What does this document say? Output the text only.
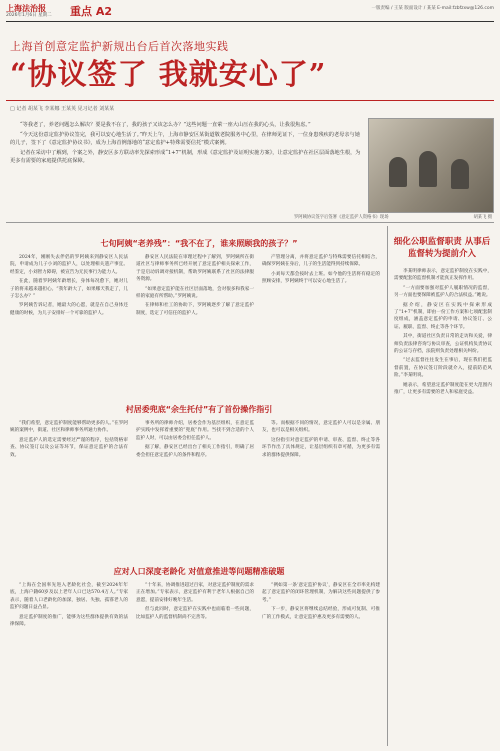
上海法治报
2026年1月6日 星期二 重点 A2	一版责编 / 王某 版面设计 / 某某 E-mail:fzbfzxw@126.com
上海首创意定监护新规出台后首次落地实践
“协议签了 我就安心了”
□ 记者 胡某飞 李某娜 王某英 见习记者 刘某某

“等我老了，养老问题怎么解决？要是我不在了，我的孩子又该怎么办？”这些问题一直萦一座大山压在我的心头，让我很焦虑。”

“今天这份意定监护协议签完，我可以安心地生活了。”昨天上午，上海市静安区某街道敬老院服务中心里，在律师见证下，一位身患残疾的老母亲与她的儿子，签下了《意定监护协议书》，成为上海首例落地的“意定监护+特殊需要信托”模式案例。

记者在采访中了解到，个案之外，静安区多方联动率先探索形成“1+7”机制，形成《意定监护及证明实施方案》，让意定监护在社区层面落地生根，为更多有需要的家庭提供托底保障。

罗阿姨协议签字后签署《意定监护人资格书》现场	胡某飞 摄
七旬阿姨“老养残”：“我不在了，谁来照顾我的孩子？”

2024年，刚刚失去伴侣的罗阿姨来到静安区人民法院，申请成为儿子小刘的监护人，以处理相关遗产事宜。经鉴定，小刘智力障碍，被宣告为无民事行为能力人。

在此，随着罗阿姨年龄增长，身体每况愈下，她对儿子的将来越来越担心。“我年龄大了，如果哪天我走了，儿子怎么办？”

罗阿姨告诉记者，她最大的心愿，就是在自己身体还健康的时候，为儿子安排好一个可靠的监护人。

静安区人民法院在审理过程中了解到，罗阿姨所在街道社区与律师事务所已经开展了意定监护相关探索工作，于是启动诉调对接机制，帮助罗阿姨联系了社区的法律服务资源。

“如果意定监护能在社区层面落地，会对很多和我家一样的家庭有所帮助。”罗阿姨说。

在律师和社工的协助下，罗阿姨逐步了解了意定监护制度，选定了可信任的监护人。

产管理分离，并将意定监护与特殊需要信托相结合，确保罗阿姨在身后，儿子的生活能得到持续保障。

小刘每天都会按时去上班。如今他的生活将有稳定的照顾安排，罗阿姨终于可以安心地生活了。

村居委兜底“余生托付”有了首份操作指引

“我们希望，意定监护制度能够帮助更多的人。”在罗阿姨的案例中，街道、社区和律师事务所通力协作。

意定监护人的选定需要经过严谨的程序，包括资格审查、协议签订以及公证等环节，保证意定监护的合法有效。

事务所的律师介绍，居委会作为基层组织，在意定监护实践中发挥着重要的“兜底”作用。当找不到合适的个人监护人时，可以由居委会担任监护人。

据了解，静安区已经出台了相关工作指引，明确了居委会担任意定监护人的条件和程序。

等。而根据不同的情况，意定监护人可以是亲属、朋友，也可以是相关组织。

这份指引对意定监护的申请、审查、监督、终止等各环节作出了具体规定，让基层组织有章可循，为更多有需求的群体提供保障。

应对人口深度老龄化 对值意推进等问题精准破题

“上海在全国率先进入老龄化社会，截至2024年年底，上海户籍60岁及以上老年人口已达570.4万人。”专家表示，随着人口老龄化的加深，独居、失独、孤寡老人的监护问题日益凸显。

意定监护制度的推广，能够为这些群体提供有效的法律保障。

“十年来，协调推进超过百家，对意定监护制度的需求正在增加。”专家表示，意定监护有利于老年人根据自己的意愿，提前安排好晚年生活。

但与此同时，意定监护在实践中也面临着一些问题，比如监护人的监督机制尚不完善等。

“例如第一条‘意定监护协议’，静安区在全市率先构建起了意定监护的闭环管理机制，为解决这些问题提供了参考。”

下一步，静安区将继续总结经验，形成可复制、可推广的工作模式，让意定监护惠及更多有需要的人。

细化公职监督职责 从事后监督转为提前介入

李某明律师表示，意定监护制度在实践中，需要配套的监督机制才能真正发挥作用。

“一方面要加强对监护人履职情况的监督，另一方面也要保障被监护人的合法权益。”她说。

据介绍，静安区在实践中探索形成了“1+7”机制，即由一份工作方案和七项配套制度组成，涵盖意定监护的申请、协议签订、公证、履职、监督、终止等各个环节。

其中，街道社区负责日常的走访和关爱，律师负责法律咨询与协议审查，公证机构负责协议的公证与存档，法院则负责处理相关纠纷。

“过去监督往往发生在事后，现在我们把监督前置，在协议签订阶段就介入，提前防范风险。”李某明说。

她表示，希望意定监护制度能在更大范围内推广，让更多有需要的老人和家庭受益。
